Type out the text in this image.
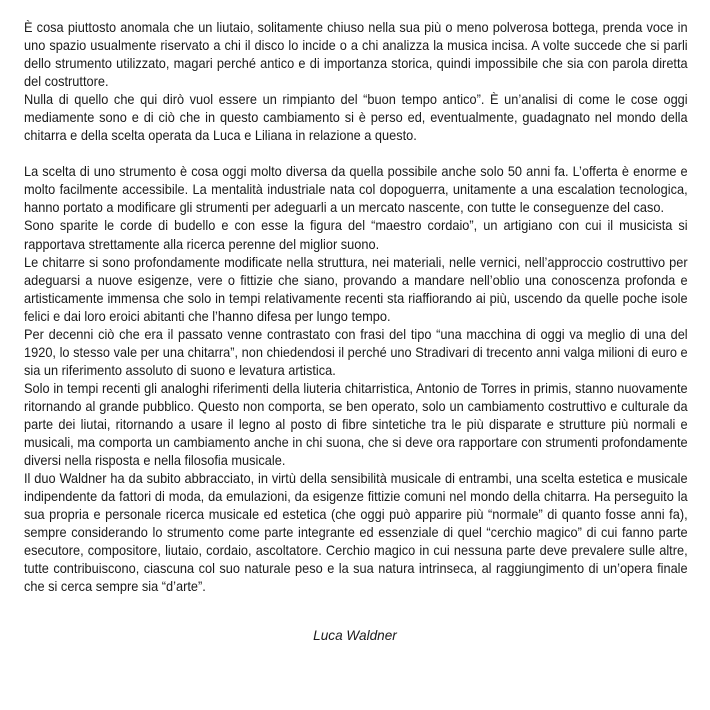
È cosa piuttosto anomala che un liutaio, solitamente chiuso nella sua più o meno polverosa bottega, prenda voce in uno spazio usualmente riservato a chi il disco lo incide o a chi analizza la musica incisa. A volte succede che si parli dello strumento utilizzato, magari perché antico e di importanza storica, quindi impossibile che sia con parola diretta del costruttore.

Nulla di quello che qui dirò vuol essere un rimpianto del “buon tempo antico”. È un’analisi di come le cose oggi mediamente sono e di ciò che in questo cambiamento si è perso ed, eventualmente, guadagnato nel mondo della chitarra e della scelta operata da Luca e Liliana in relazione a questo.

La scelta di uno strumento è cosa oggi molto diversa da quella possibile anche solo 50 anni fa. L’offerta è enorme e molto facilmente accessibile. La mentalità industriale nata col dopoguerra, unitamente a una escalation tecnologica, hanno portato a modificare gli strumenti per adeguarli a un mercato nascente, con tutte le conseguenze del caso.

Sono sparite le corde di budello e con esse la figura del “maestro cordaio”, un artigiano con cui il musicista si rapportava strettamente alla ricerca perenne del miglior suono.

Le chitarre si sono profondamente modificate nella struttura, nei materiali, nelle vernici, nell’approccio costruttivo per adeguarsi a nuove esigenze, vere o fittizie che siano, provando a mandare nell’oblio una conoscenza profonda e artisticamente immensa che solo in tempi relativamente recenti sta riaffiorando ai più, uscendo da quelle poche isole felici e dai loro eroici abitanti che l’hanno difesa per lungo tempo.

Per decenni ciò che era il passato venne contrastato con frasi del tipo “una macchina di oggi va meglio di una del 1920, lo stesso vale per una chitarra”, non chiedendosi il perché uno Stradivari di trecento anni valga milioni di euro e sia un riferimento assoluto di suono e levatura artistica.

Solo in tempi recenti gli analoghi riferimenti della liuteria chitarristica, Antonio de Torres in primis, stanno nuovamente ritornando al grande pubblico. Questo non comporta, se ben operato, solo un cambiamento costruttivo e culturale da parte dei liutai, ritornando a usare il legno al posto di fibre sintetiche tra le più disparate e strutture più normali e musicali, ma comporta un cambiamento anche in chi suona, che si deve ora rapportare con strumenti profondamente diversi nella risposta e nella filosofia musicale.

Il duo Waldner ha da subito abbracciato, in virtù della sensibilità musicale di entrambi, una scelta estetica e musicale indipendente da fattori di moda, da emulazioni, da esigenze fittizie comuni nel mondo della chitarra. Ha perseguito la sua propria e personale ricerca musicale ed estetica (che oggi può apparire più “normale” di quanto fosse anni fa), sempre considerando lo strumento come parte integrante ed essenziale di quel “cerchio magico” di cui fanno parte esecutore, compositore, liutaio, cordaio, ascoltatore. Cerchio magico in cui nessuna parte deve prevalere sulle altre, tutte contribuiscono, ciascuna col suo naturale peso e la sua natura intrinseca, al raggiungimento di un’opera finale che si cerca sempre sia “d’arte”.

Luca Waldner
